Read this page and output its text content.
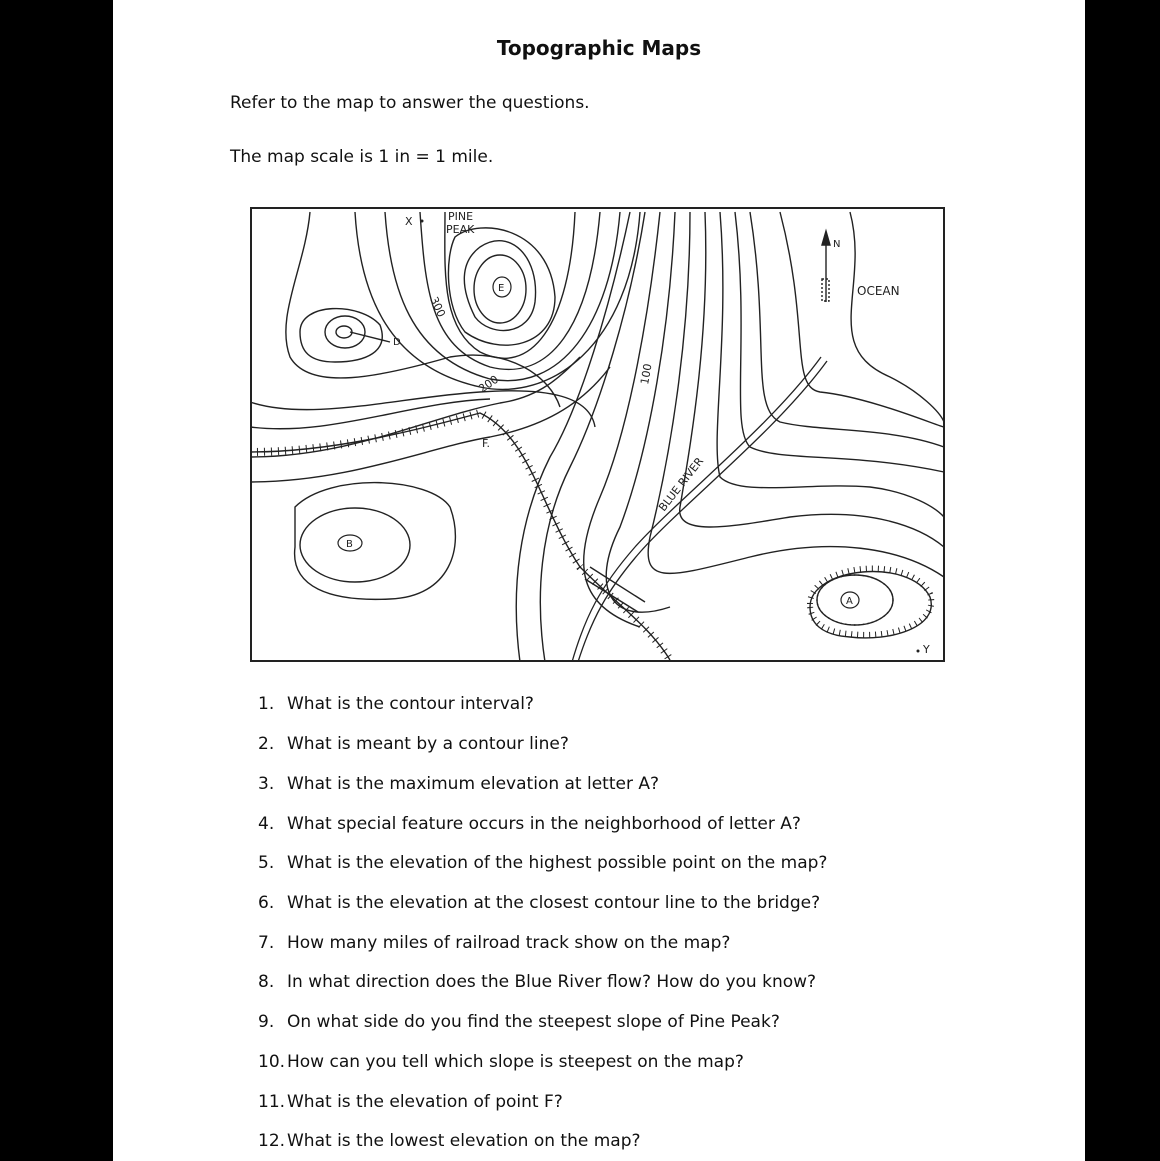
Topographic Maps
Refer to the map to answer the questions.
The map scale is 1 in = 1 mile.
X	PINE
PEAK
E
D
300
200	100
N
OCEAN
F.
BLUE RIVER
B
A
Y
1. What is the contour interval?
2. What is meant by a contour line?
3. What is the maximum elevation at letter A?
4. What special feature occurs in the neighborhood of letter A?
5. What is the elevation of the highest possible point on the map?
6. What is the elevation at the closest contour line to the bridge?
7. How many miles of railroad track show on the map?
8. In what direction does the Blue River flow? How do you know?
9. On what side do you find the steepest slope of Pine Peak?
10. How can you tell which slope is steepest on the map?
11. What is the elevation of point F?
12. What is the lowest elevation on the map?
